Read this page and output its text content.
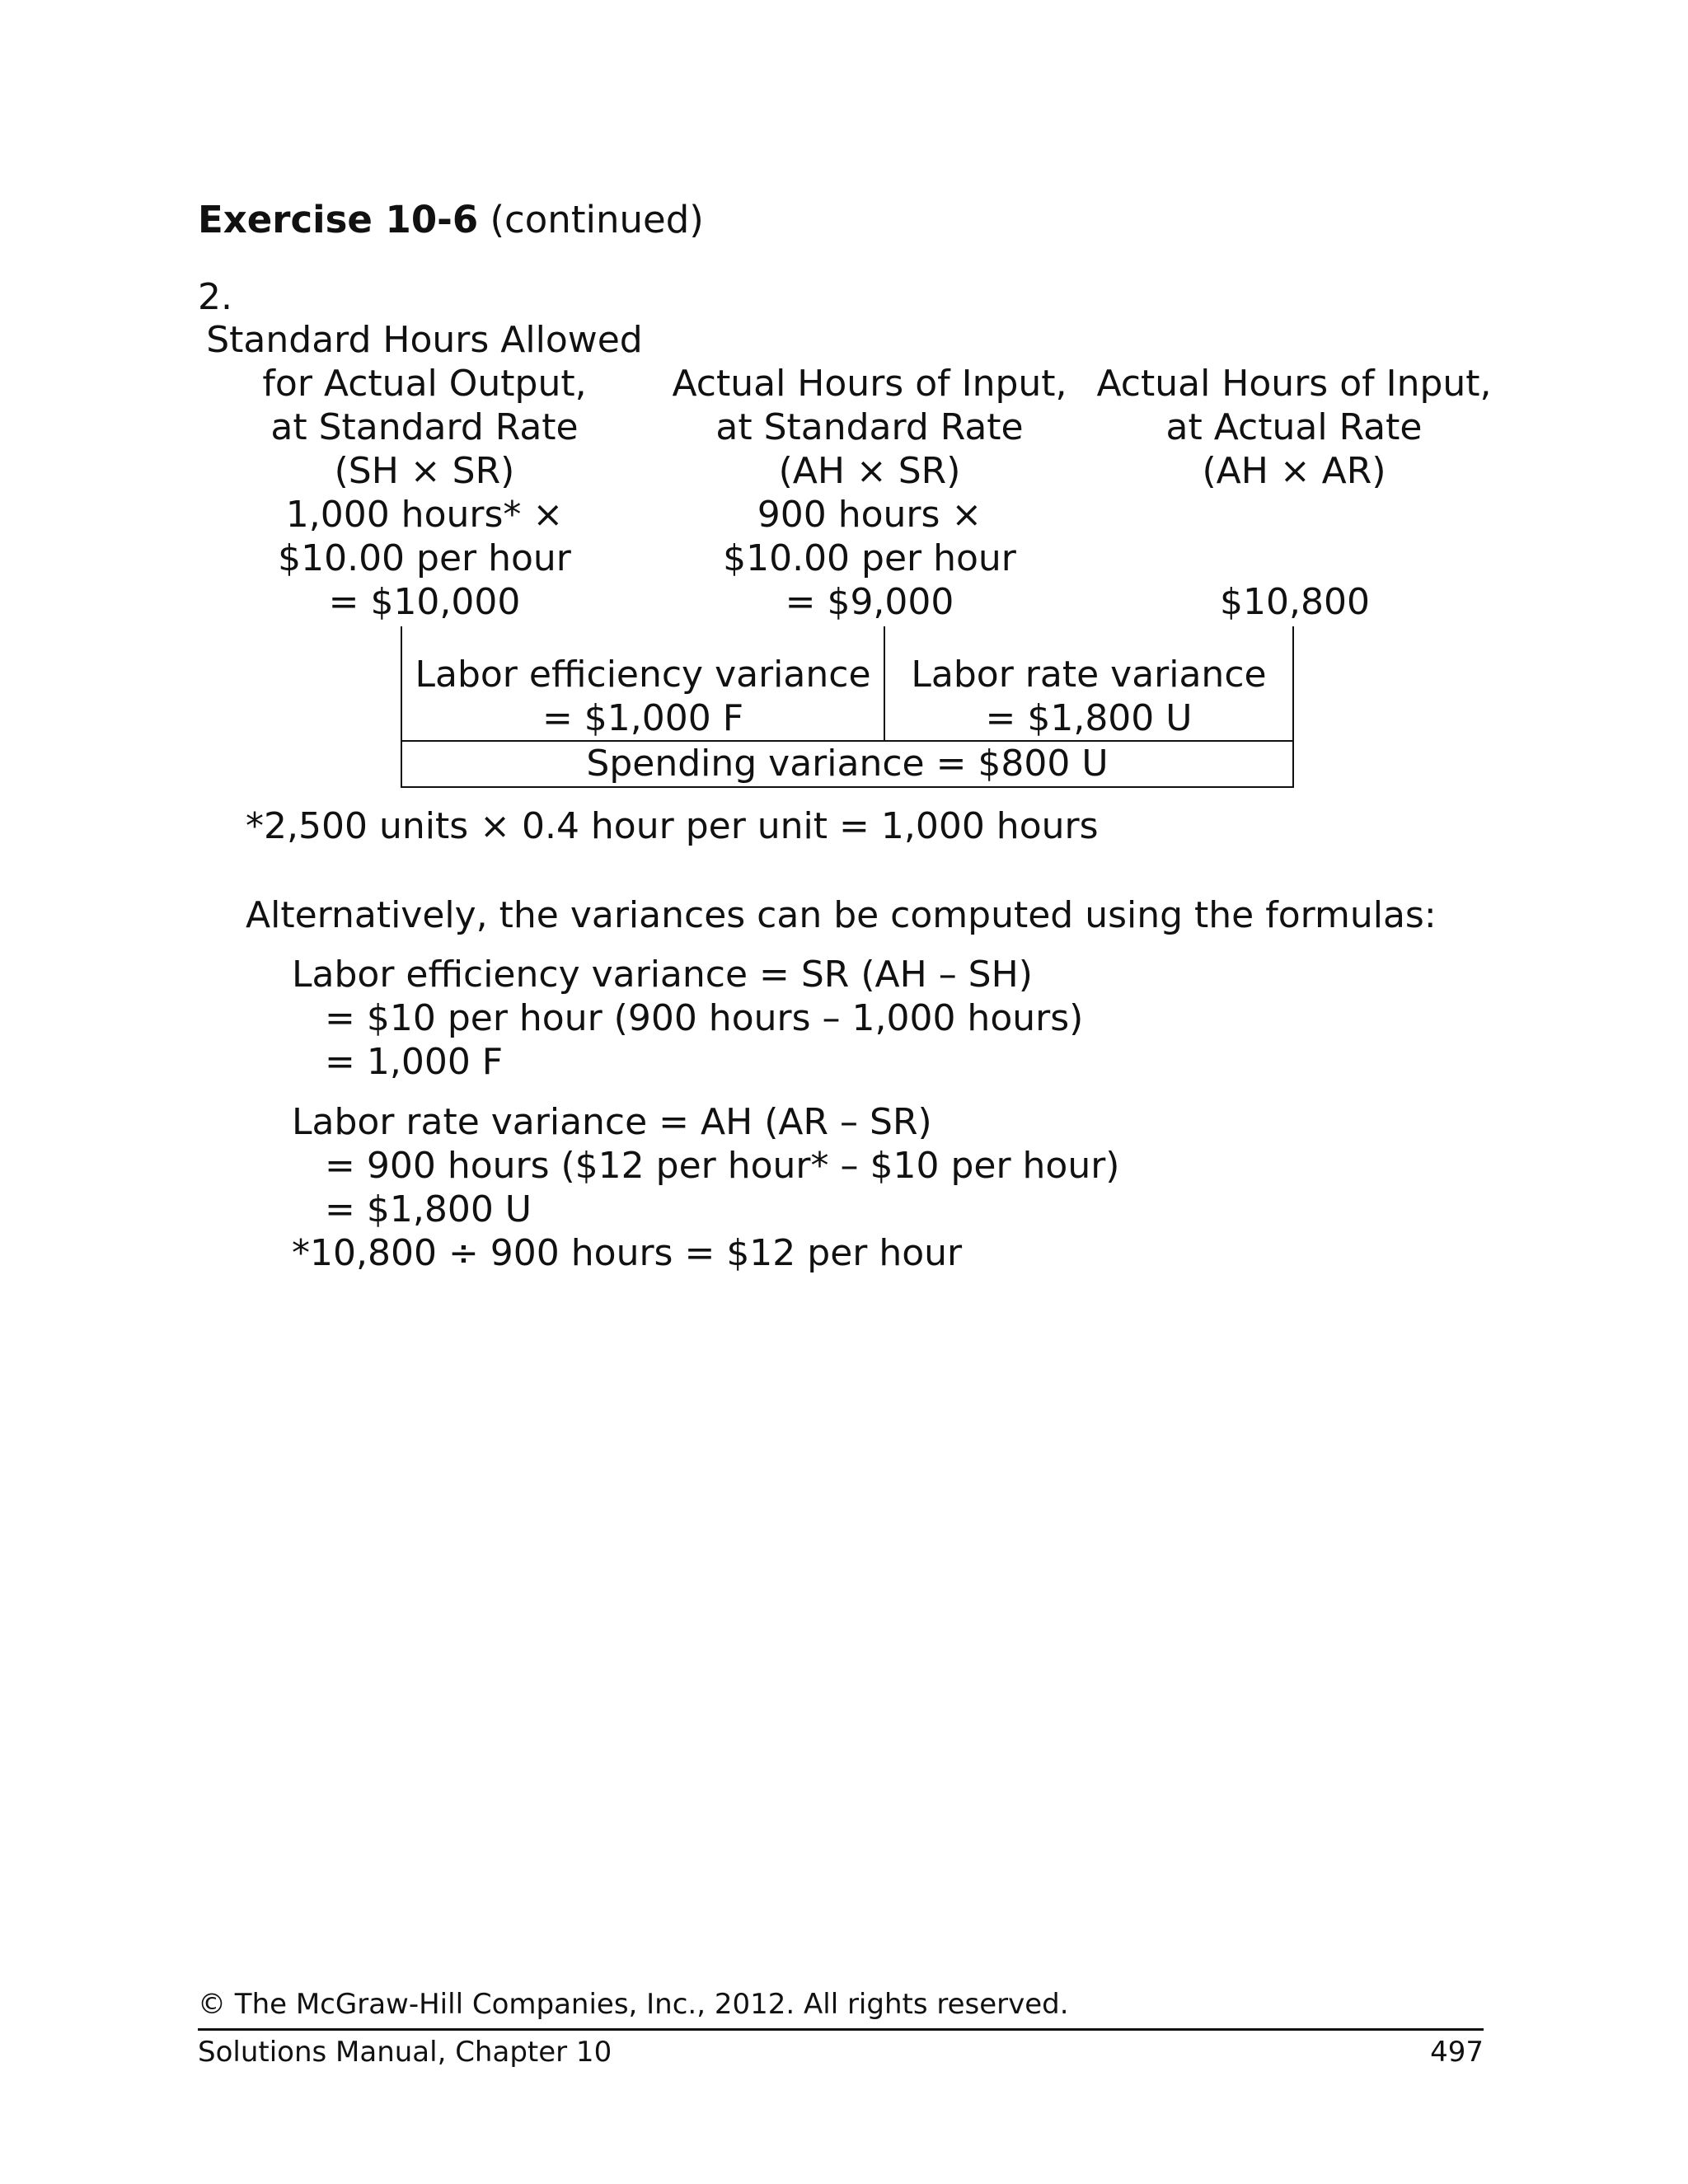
Exercise 10-6 (continued)
2.
Standard Hours Allowed
for Actual Output,
at Standard Rate
(SH × SR)
1,000 hours* ×
$10.00 per hour
= $10,000
Actual Hours of Input,
at Standard Rate
(AH × SR)
900 hours ×
$10.00 per hour
= $9,000
Actual Hours of Input,
at Actual Rate
(AH × AR)
$10,800
Labor efficiency variance
= $1,000 F
Labor rate variance
= $1,800 U
Spending variance = $800 U
*2,500 units × 0.4 hour per unit = 1,000 hours
Alternatively, the variances can be computed using the formulas:
Labor efficiency variance = SR (AH – SH)
= $10 per hour (900 hours – 1,000 hours)
= 1,000 F
Labor rate variance = AH (AR – SR)
= 900 hours ($12 per hour* – $10 per hour)
= $1,800 U
*10,800 ÷ 900 hours = $12 per hour
© The McGraw-Hill Companies, Inc., 2012. All rights reserved.
Solutions Manual, Chapter 10	497
